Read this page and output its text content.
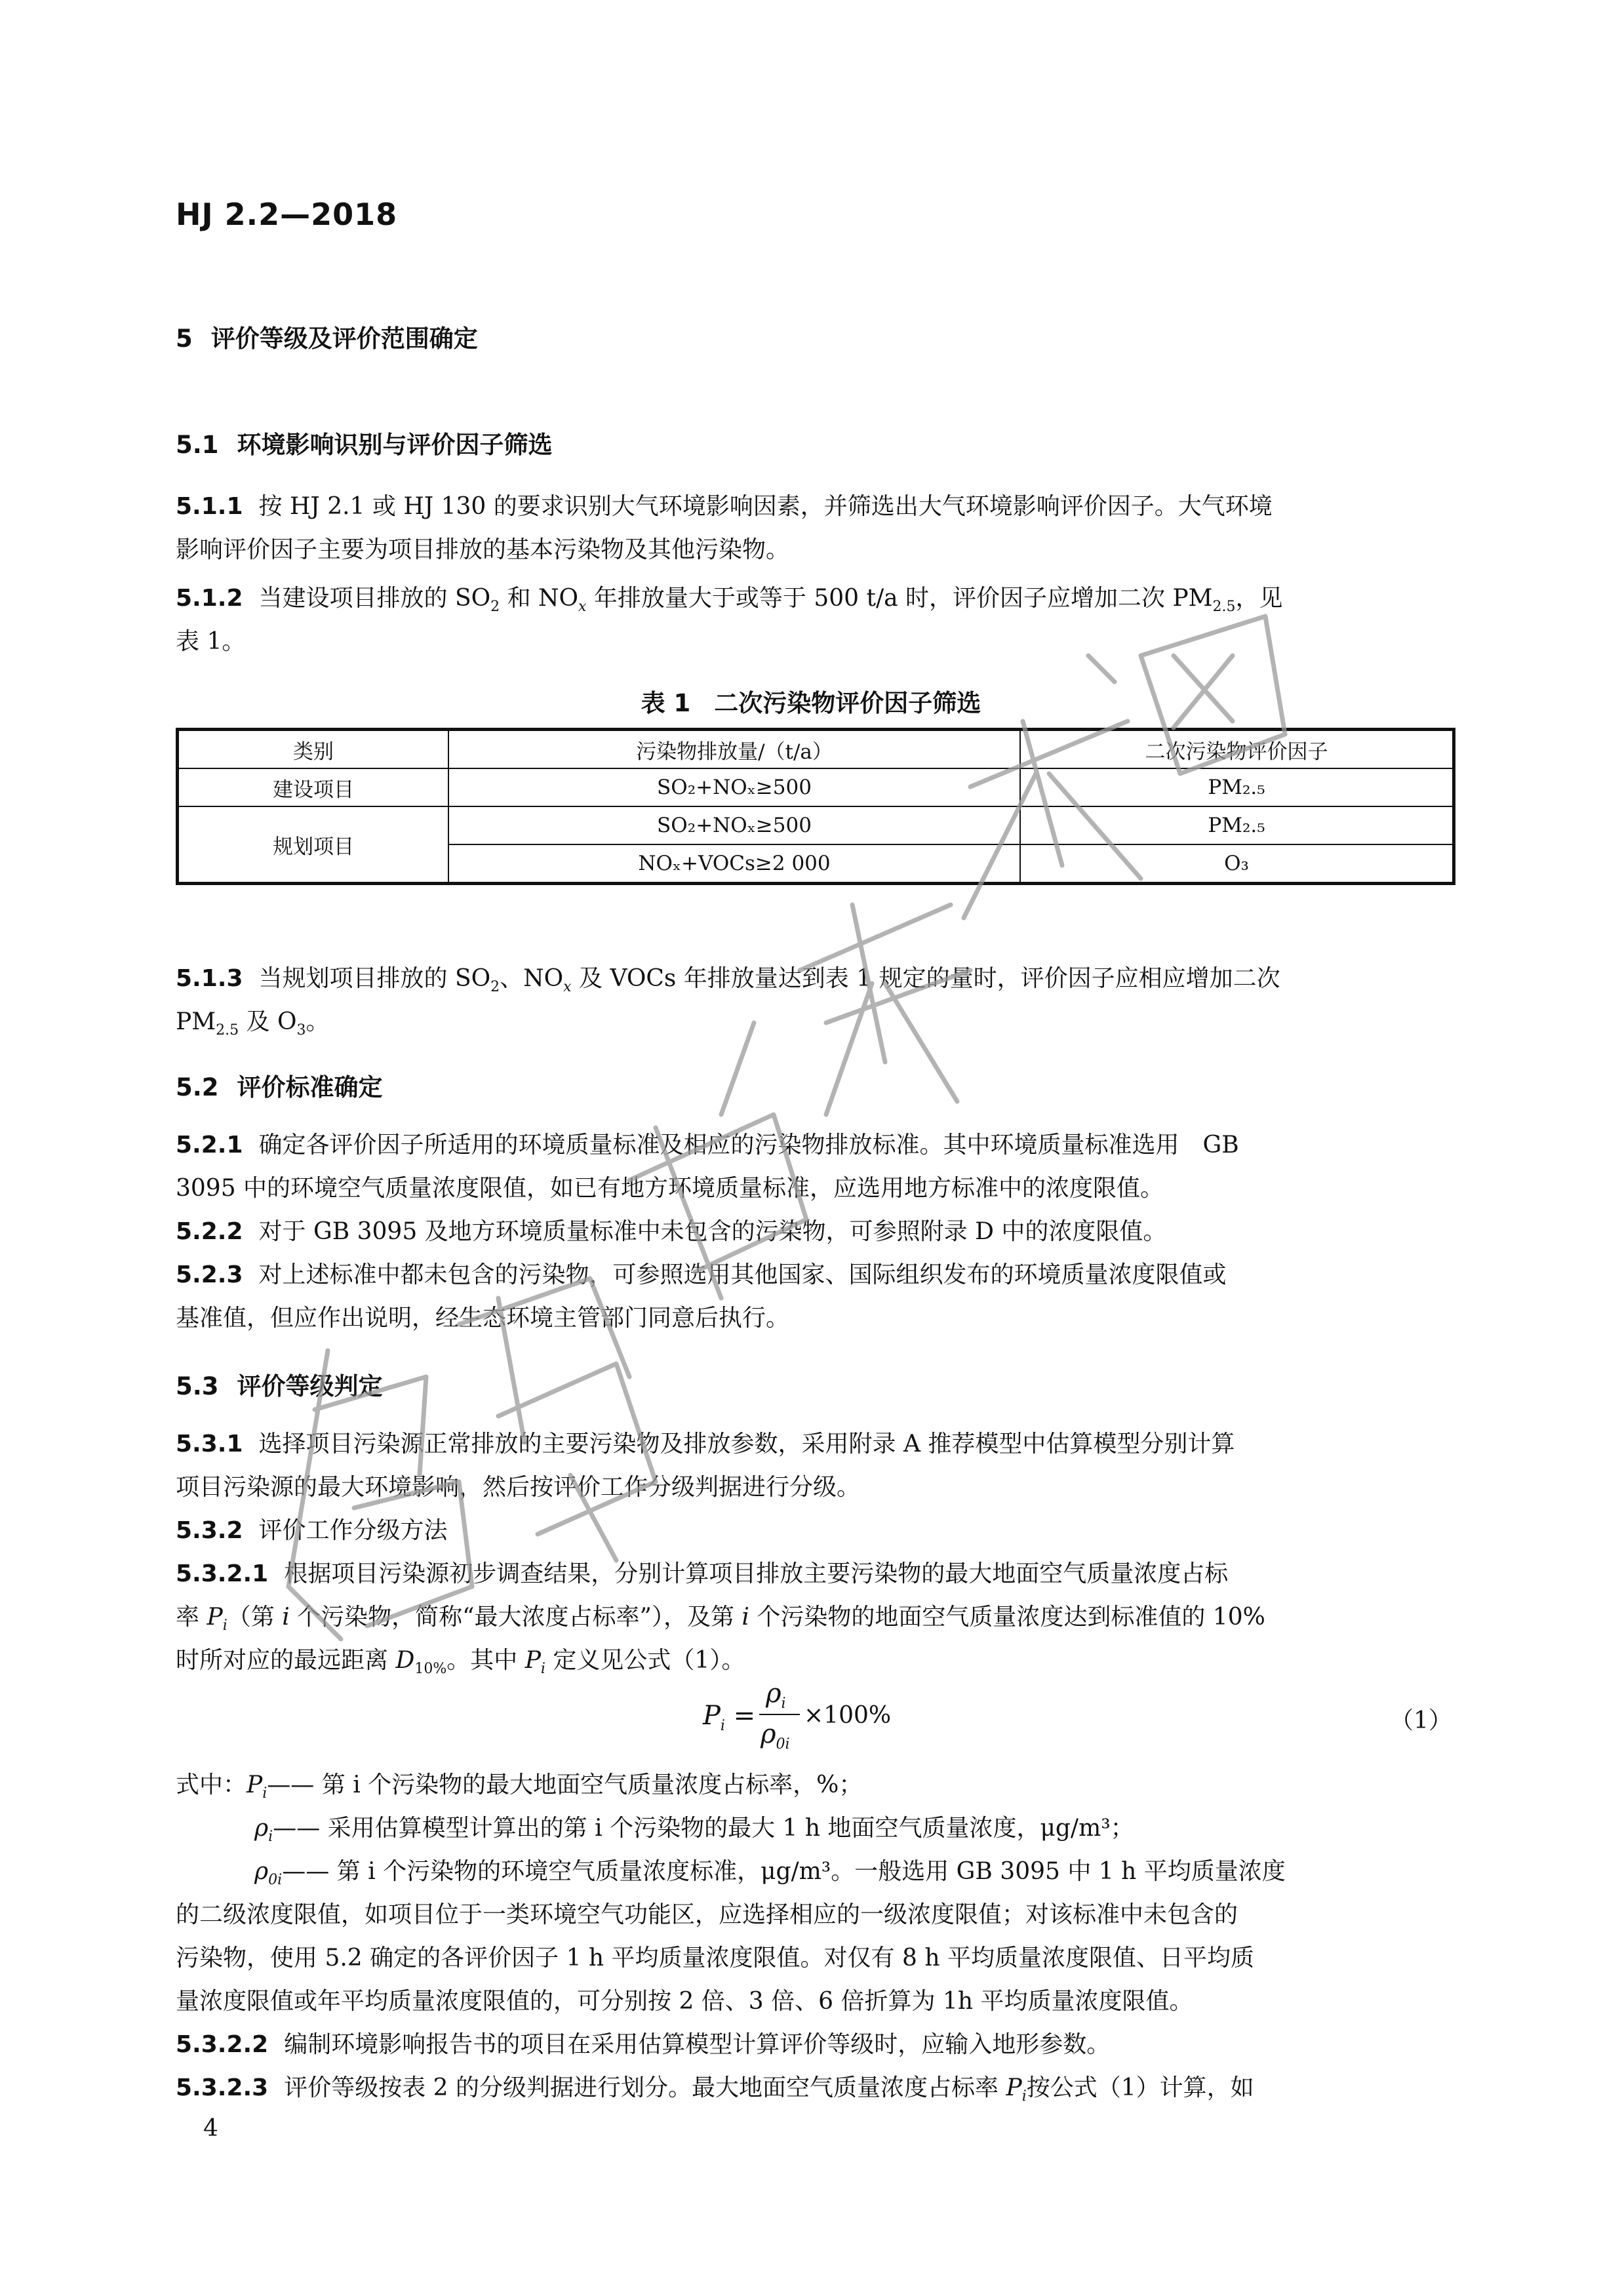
HJ 2.2—2018
5 评价等级及评价范围确定
5.1 环境影响识别与评价因子筛选
5.1.1 按 HJ 2.1 或 HJ 130 的要求识别大气环境影响因素，并筛选出大气环境影响评价因子。大气环境
影响评价因子主要为项目排放的基本污染物及其他污染物。
5.1.2 当建设项目排放的 $SO_2$ 和 $NO_x$ 年排放量大于或等于 500 t/a 时，评价因子应增加二次 $PM_{2.5}$，见
表 1。
表 1 二次污染物评价因子筛选
类别	污染物排放量/（t/a）	二次污染物评价因子
建设项目	SO₂+NOₓ≥500	PM₂.₅
规划项目	SO₂+NOₓ≥500	PM₂.₅
	NOₓ+VOCs≥2 000	O₃
5.1.3 当规划项目排放的 $SO_2$、$NO_x$ 及 VOCs 年排放量达到表 1 规定的量时，评价因子应相应增加二次
$PM_{2.5}$ 及 $O_3$。
5.2 评价标准确定
5.2.1 确定各评价因子所适用的环境质量标准及相应的污染物排放标准。其中环境质量标准选用　GB
3095 中的环境空气质量浓度限值，如已有地方环境质量标准，应选用地方标准中的浓度限值。
5.2.2 对于 GB 3095 及地方环境质量标准中未包含的污染物，可参照附录 D 中的浓度限值。
5.2.3 对上述标准中都未包含的污染物，可参照选用其他国家、国际组织发布的环境质量浓度限值或
基准值，但应作出说明，经生态环境主管部门同意后执行。
5.3 评价等级判定
5.3.1 选择项目污染源正常排放的主要污染物及排放参数，采用附录 A 推荐模型中估算模型分别计算
项目污染源的最大环境影响，然后按评价工作分级判据进行分级。
5.3.2 评价工作分级方法
5.3.2.1 根据项目污染源初步调查结果，分别计算项目排放主要污染物的最大地面空气质量浓度占标
率 $P_i$（第 i 个污染物，简称“最大浓度占标率”），及第 i 个污染物的地面空气质量浓度达到标准值的 10%
时所对应的最远距离 $D_{10\%}$。其中 $P_i$ 定义见公式（1）。
$P_i$ =
$\rho_i$
$\rho_{0i}$
×100%	（1）
式中：$P_i——$ 第 i 个污染物的最大地面空气质量浓度占标率，%；
$\rho_i——$ 采用估算模型计算出的第 i 个污染物的最大 1 h 地面空气质量浓度，μg/m³；
$\rho_{0i}——$ 第 i 个污染物的环境空气质量浓度标准，μg/m³。一般选用 GB 3095 中 1 h 平均质量浓度
的二级浓度限值，如项目位于一类环境空气功能区，应选择相应的一级浓度限值；对该标准中未包含的
污染物，使用 5.2 确定的各评价因子 1 h 平均质量浓度限值。对仅有 8 h 平均质量浓度限值、日平均质
量浓度限值或年平均质量浓度限值的，可分别按 2 倍、3 倍、6 倍折算为 1h 平均质量浓度限值。
5.3.2.2 编制环境影响报告书的项目在采用估算模型计算评价等级时，应输入地形参数。
5.3.2.3 评价等级按表 2 的分级判据进行划分。最大地面空气质量浓度占标率 $P_i$按公式（1）计算，如
4
